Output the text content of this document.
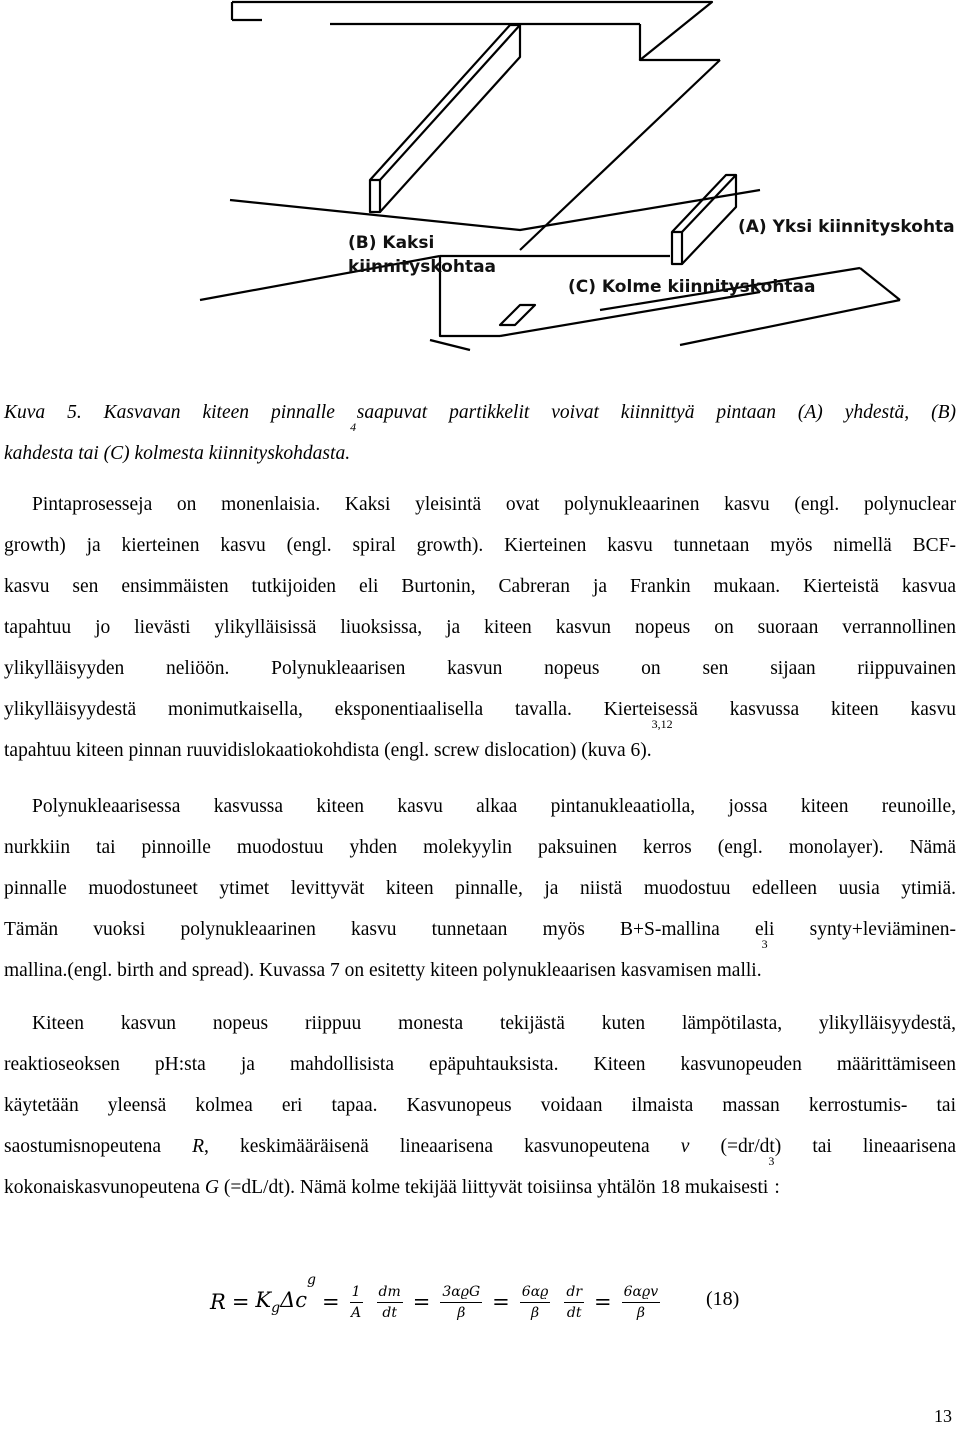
(B) Kaksi
kiinnityskohtaa
(A) Yksi kiinnityskohta
(C) Kolme kiinnityskohtaa
Kuva 5. Kasvavan kiteen pinnalle saapuvat partikkelit voivat kiinnittyä pintaan (A) yhdestä, (B)
kahdesta tai (C) kolmesta kiinnityskohdasta.$^4$
Pintaprosesseja on monenlaisia. Kaksi yleisintä ovat polynukleaarinen kasvu (engl. polynuclear
growth) ja kierteinen kasvu (engl. spiral growth). Kierteinen kasvu tunnetaan myös nimellä BCF-
kasvu sen ensimmäisten tutkijoiden eli Burtonin, Cabreran ja Frankin mukaan. Kierteistä kasvua
tapahtuu jo lievästi ylikylläisissä liuoksissa, ja kiteen kasvun nopeus on suoraan verrannollinen
ylikylläisyyden neliöön. Polynukleaarisen kasvun nopeus on sen sijaan riippuvainen
ylikylläisyydestä monimutkaisella, eksponentiaalisella tavalla. Kierteisessä kasvussa kiteen kasvu
tapahtuu kiteen pinnan ruuvidislokaatiokohdista (engl. screw dislocation) (kuva 6).$^{3,12}$
Polynukleaarisessa kasvussa kiteen kasvu alkaa pintanukleaatiolla, jossa kiteen reunoille,
nurkkiin tai pinnoille muodostuu yhden molekyylin paksuinen kerros (engl. monolayer). Nämä
pinnalle muodostuneet ytimet levittyvät kiteen pinnalle, ja niistä muodostuu edelleen uusia ytimiä.
Tämän vuoksi polynukleaarinen kasvu tunnetaan myös B+S-mallina eli synty+leviäminen-
mallina.(engl. birth and spread). Kuvassa 7 on esitetty kiteen polynukleaarisen kasvamisen malli.$^3$
Kiteen kasvun nopeus riippuu monesta tekijästä kuten lämpötilasta, ylikylläisyydestä,
reaktioseoksen pH:sta ja mahdollisista epäpuhtauksista. Kiteen kasvunopeuden määrittämiseen
käytetään yleensä kolmea eri tapaa. Kasvunopeus voidaan ilmaista massan kerrostumis- tai
saostumisnopeutena R, keskimääräisenä lineaarisena kasvunopeutena v (=dr/dt) tai lineaarisena
kokonaiskasvunopeutena G (=dL/dt). Nämä kolme tekijää liittyvät toisiinsa yhtälön 18 mukaisesti$^3$:
$R = K_g\Delta c^g$
= $\frac{1}{A} \frac{dm}{dt} = \frac{\text{3αϱG}}{\beta} = \frac{6\alpha ϱ}{\beta} \frac{dr}{dt} = \frac{\text{6αϱv}}{\beta} (18)$
13
